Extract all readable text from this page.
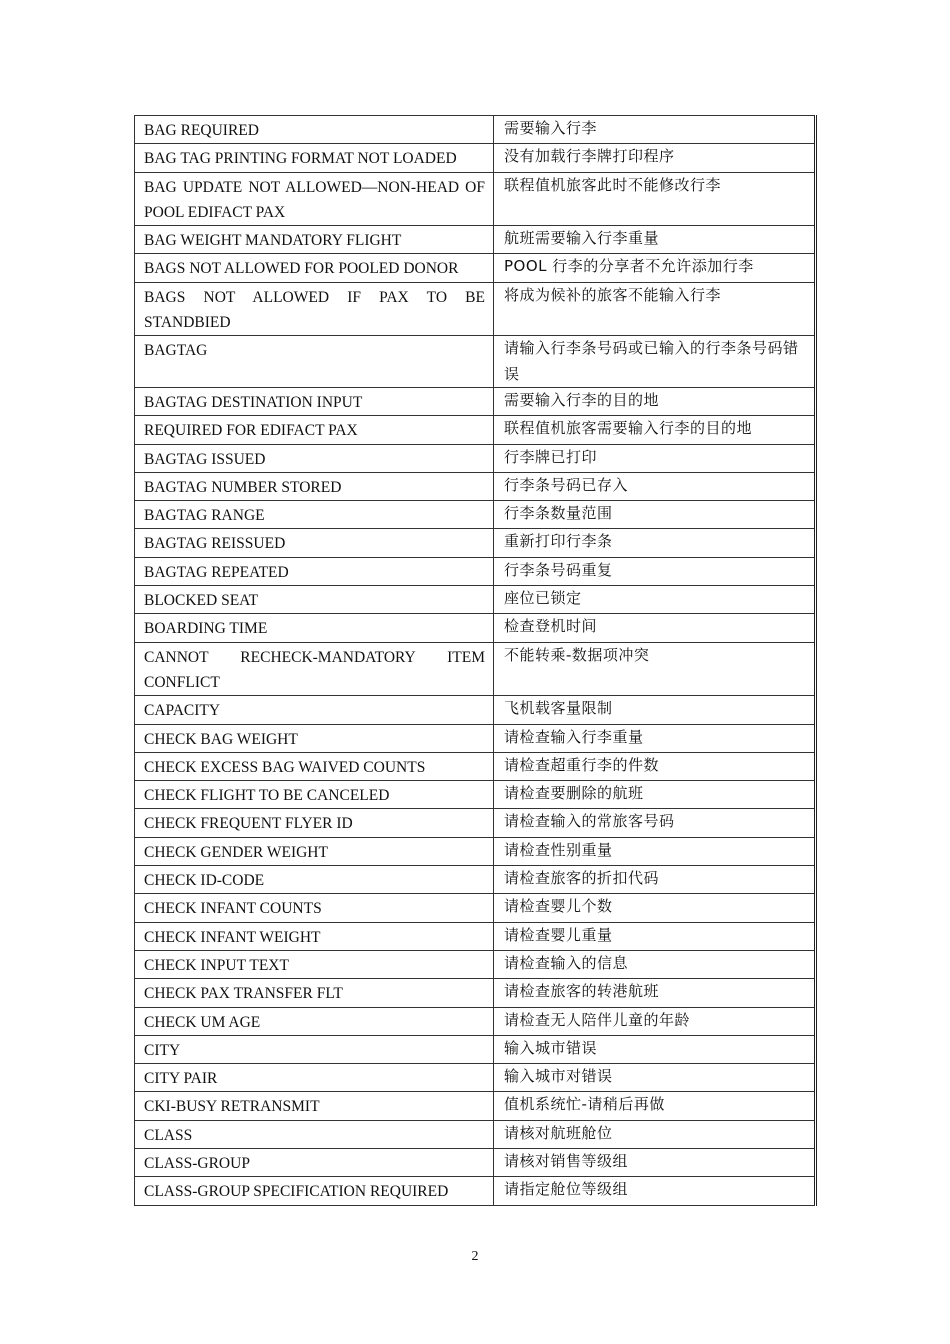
BAG REQUIRED	需要输入行李
BAG TAG PRINTING FORMAT NOT LOADED	没有加载行李牌打印程序
BAG UPDATE NOT ALLOWED—NON-HEAD OF POOL EDIFACT PAX	联程值机旅客此时不能修改行李
BAG WEIGHT MANDATORY FLIGHT	航班需要输入行李重量
BAGS NOT ALLOWED FOR POOLED DONOR	POOL 行李的分享者不允许添加行李
BAGS NOT ALLOWED IF PAX TO BE STANDBIED	将成为候补的旅客不能输入行李
BAGTAG	请输入行李条号码或已输入的行李条号码错误
BAGTAG DESTINATION INPUT	需要输入行李的目的地
REQUIRED FOR EDIFACT PAX	联程值机旅客需要输入行李的目的地
BAGTAG ISSUED	行李牌已打印
BAGTAG NUMBER STORED	行李条号码已存入
BAGTAG RANGE	行李条数量范围
BAGTAG REISSUED	重新打印行李条
BAGTAG REPEATED	行李条号码重复
BLOCKED SEAT	座位已锁定
BOARDING TIME	检查登机时间
CANNOT RECHECK-MANDATORY ITEM CONFLICT	不能转乘-数据项冲突
CAPACITY	飞机载客量限制
CHECK BAG WEIGHT	请检查输入行李重量
CHECK EXCESS BAG WAIVED COUNTS	请检查超重行李的件数
CHECK FLIGHT TO BE CANCELED	请检查要删除的航班
CHECK FREQUENT FLYER ID	请检查输入的常旅客号码
CHECK GENDER WEIGHT	请检查性别重量
CHECK ID-CODE	请检查旅客的折扣代码
CHECK INFANT COUNTS	请检查婴儿个数
CHECK INFANT WEIGHT	请检查婴儿重量
CHECK INPUT TEXT	请检查输入的信息
CHECK PAX TRANSFER FLT	请检查旅客的转港航班
CHECK UM AGE	请检查无人陪伴儿童的年龄
CITY	输入城市错误
CITY PAIR	输入城市对错误
CKI-BUSY RETRANSMIT	值机系统忙-请稍后再做
CLASS	请核对航班舱位
CLASS-GROUP	请核对销售等级组
CLASS-GROUP SPECIFICATION REQUIRED	请指定舱位等级组
2
